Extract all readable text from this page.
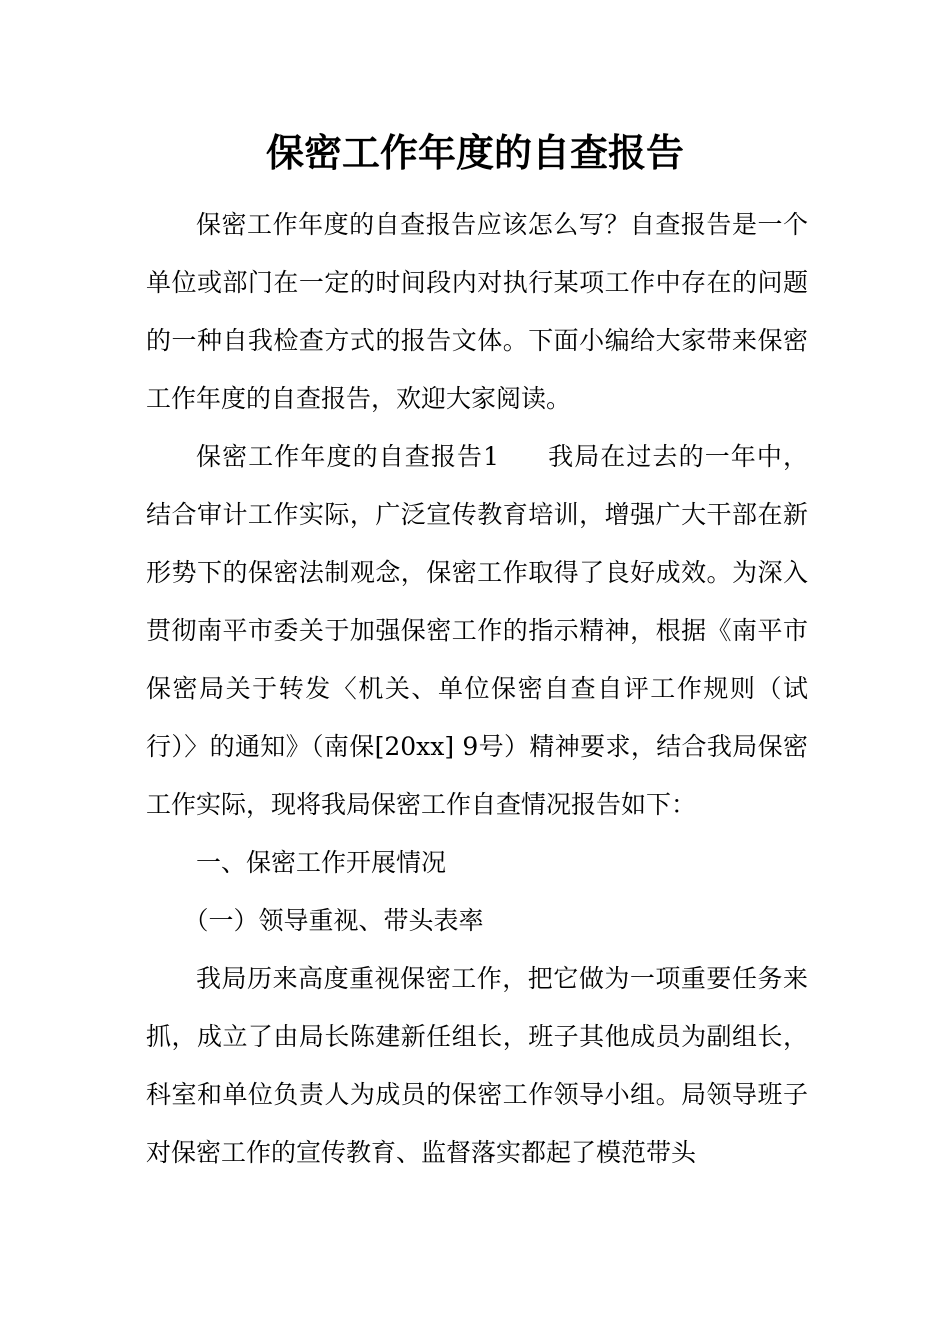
保密工作年度的自查报告

保密工作年度的自查报告应该怎么写？自查报告是一个单位或部门在一定的时间段内对执行某项工作中存在的问题的一种自我检查方式的报告文体。下面小编给大家带来保密工作年度的自查报告，欢迎大家阅读。

保密工作年度的自查报告1 我局在过去的一年中，结合审计工作实际，广泛宣传教育培训，增强广大干部在新形势下的保密法制观念，保密工作取得了良好成效。为深入贯彻南平市委关于加强保密工作的指示精神，根据《南平市保密局关于转发〈机关、单位保密自查自评工作规则（试行）〉的通知》（南保[20xx] 9号）精神要求，结合我局保密工作实际，现将我局保密工作自查情况报告如下：

一、保密工作开展情况

（一）领导重视、带头表率

我局历来高度重视保密工作，把它做为一项重要任务来抓，成立了由局长陈建新任组长，班子其他成员为副组长，科室和单位负责人为成员的保密工作领导小组。局领导班子对保密工作的宣传教育、监督落实都起了模范带头
